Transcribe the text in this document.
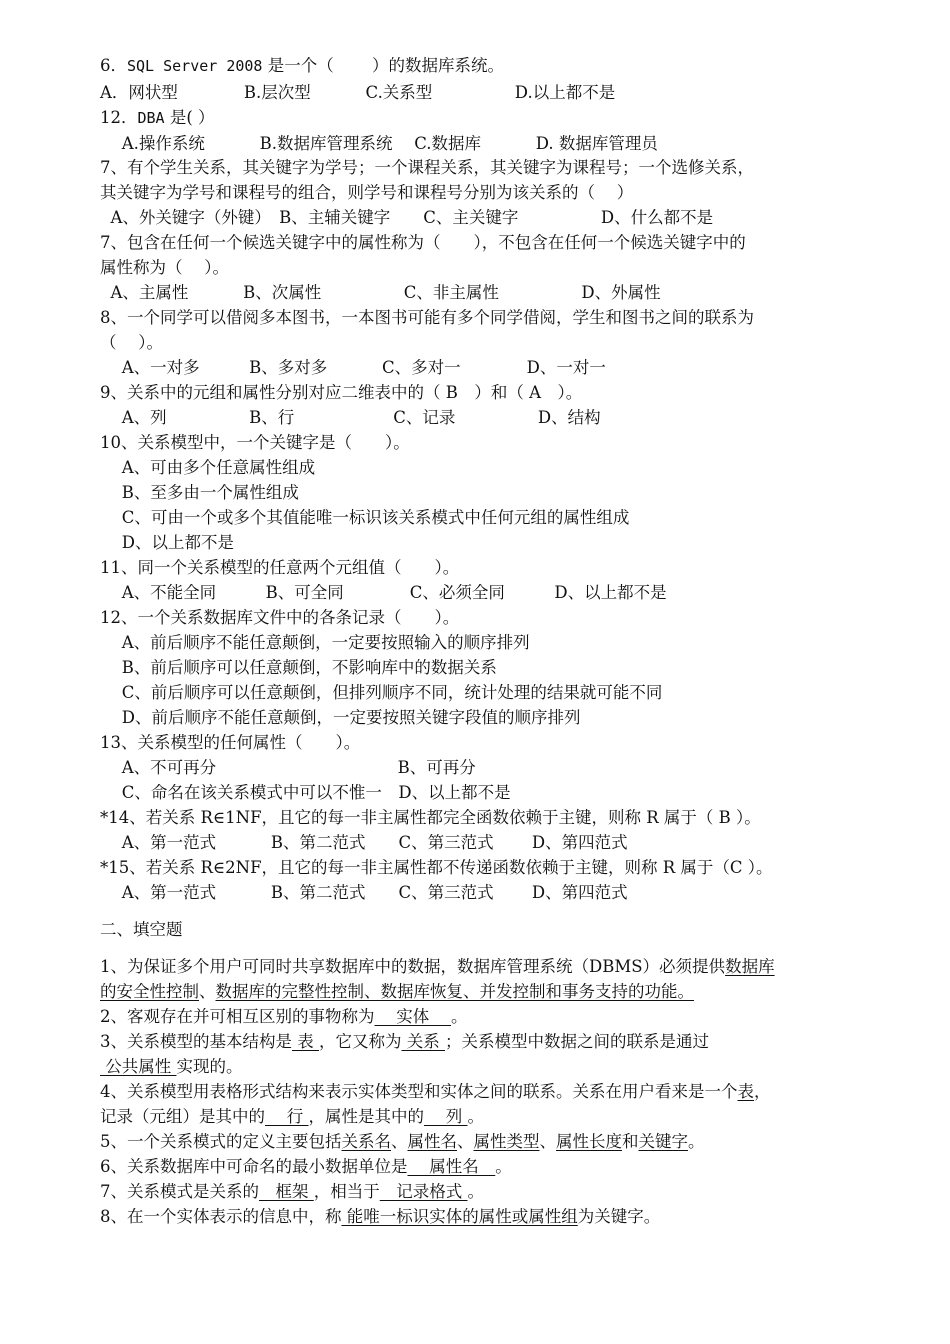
6．SQL Server 2008 是一个（　　 ）的数据库系统。
A．网状型　　　　B.层次型　　　 C.关系型　　　　　D.以上都不是
12．DBA 是( ）
　 A.操作系统　　　 B.数据库管理系统　 C.数据库　　　 D. 数据库管理员
7、有个学生关系，其关键字为学号；一个课程关系，其关键字为课程号；一个选修关系，
其关键字为学号和课程号的组合，则学号和课程号分别为该关系的（　 ）
A、外关键字（外键）　B、主辅关键字　　C、主关键字　　　　　D、什么都不是
7、包含在任何一个候选关键字中的属性称为（　　），不包含在任何一个候选关键字中的
属性称为（　 ）。
A、主属性　　　 B、次属性　　　　　C、非主属性　　　　　D、外属性
8、一个同学可以借阅多本图书，一本图书可能有多个同学借阅，学生和图书之间的联系为
（　 ）。
　 A、一对多　　　B、多对多　　　 C、多对一　　　　D、一对一
9、关系中的元组和属性分别对应二维表中的（ B　）和（ A　）。
　 A、列　　　　　B、行　　　　　　C、记录　　　　　D、结构
10、关系模型中，一个关键字是（　　）。
　 A、可由多个任意属性组成
　 B、至多由一个属性组成
　 C、可由一个或多个其值能唯一标识该关系模式中任何元组的属性组成
　 D、以上都不是
11、同一个关系模型的任意两个元组值（　　）。
　 A、不能全同　　　B、可全同　　　　C、必须全同　　　D、以上都不是
12、一个关系数据库文件中的各条记录（　　）。
　 A、前后顺序不能任意颠倒，一定要按照输入的顺序排列
　 B、前后顺序可以任意颠倒，不影响库中的数据关系
　 C、前后顺序可以任意颠倒，但排列顺序不同，统计处理的结果就可能不同
　 D、前后顺序不能任意颠倒，一定要按照关键字段值的顺序排列
13、关系模型的任何属性（　　）。
　 A、不可再分　　　　　　　　　　　B、可再分
　 C、命名在该关系模式中可以不惟一　D、以上都不是
*14、若关系 R∈1NF，且它的每一非主属性都完全函数依赖于主键，则称 R 属于（ B ）。
　 A、第一范式　　　 B、第二范式　　C、第三范式　　 D、第四范式
*15、若关系 R∈2NF，且它的每一非主属性都不传递函数依赖于主键，则称 R 属于（C ）。
　 A、第一范式　　　 B、第二范式　　C、第三范式　　 D、第四范式
二、填空题
1、为保证多个用户可同时共享数据库中的数据，数据库管理系统（DBMS）必须提供数据库
的安全性控制、数据库的完整性控制、数据库恢复、并发控制和事务支持的功能。
2、客观存在并可相互区别的事物称为　 实体　 。
3、关系模型的基本结构是 表 ，它又称为 关系 ；关系模型中数据之间的联系是通过
公共属性 实现的。
4、关系模型用表格形式结构来表示实体类型和实体之间的联系。关系在用户看来是一个表，
记录（元组）是其中的　 行 ，属性是其中的　 列 。
5、一个关系模式的定义主要包括关系名、属性名、属性类型、属性长度和关键字。
6、关系数据库中可命名的最小数据单位是　 属性名　。
7、关系模式是关系的　框架 ，相当于　记录格式 。
8、在一个实体表示的信息中，称 能唯一标识实体的属性或属性组为关键字。
